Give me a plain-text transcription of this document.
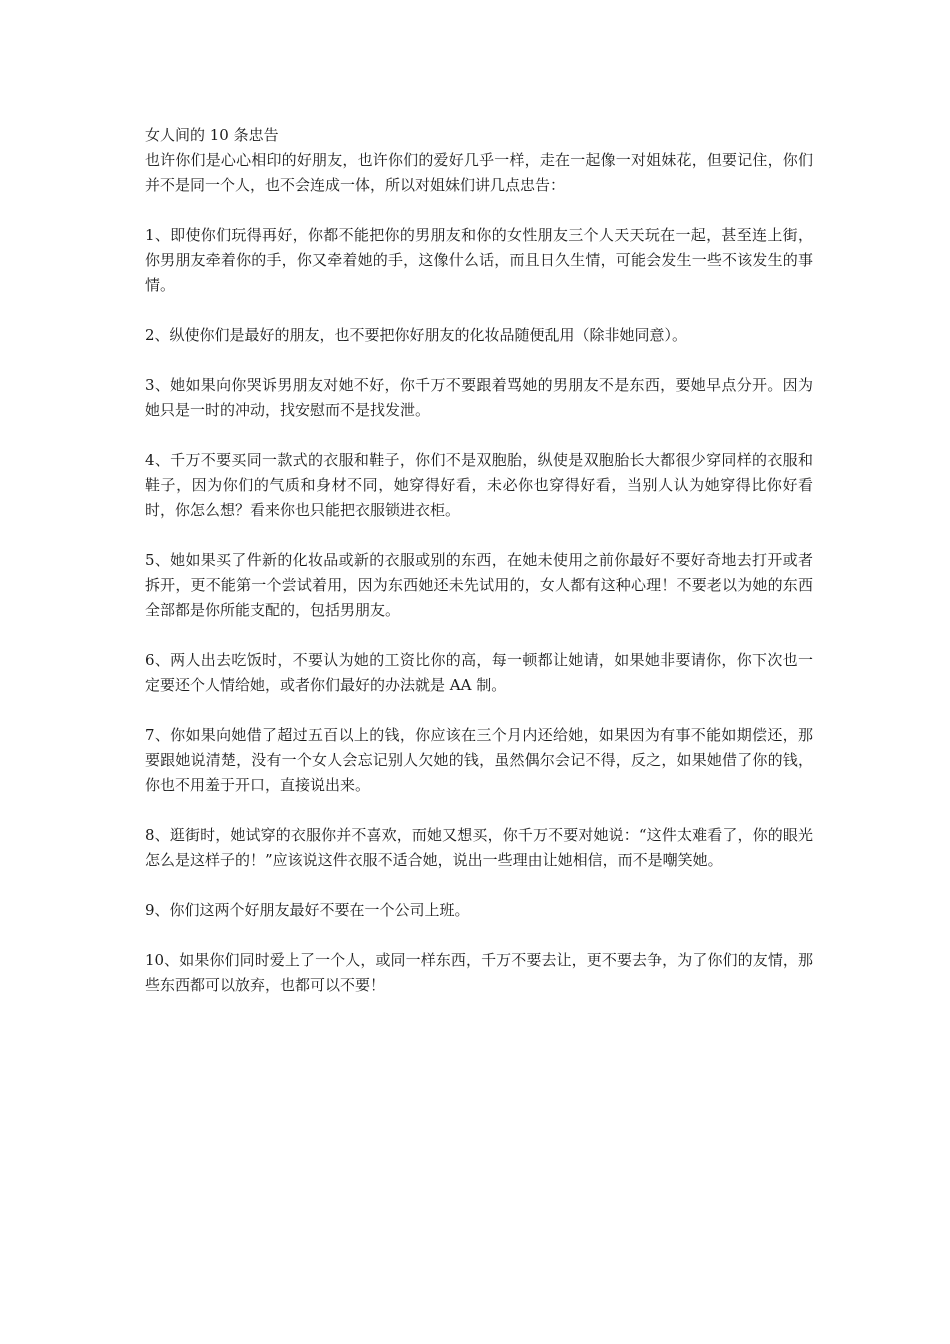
女人间的 10 条忠告

也许你们是心心相印的好朋友，也许你们的爱好几乎一样，走在一起像一对姐妹花，但要记住，你们并不是同一个人，也不会连成一体，所以对姐妹们讲几点忠告：

1、即使你们玩得再好，你都不能把你的男朋友和你的女性朋友三个人天天玩在一起，甚至连上街，你男朋友牵着你的手，你又牵着她的手，这像什么话，而且日久生情，可能会发生一些不该发生的事情。

2、纵使你们是最好的朋友，也不要把你好朋友的化妆品随便乱用（除非她同意）。

3、她如果向你哭诉男朋友对她不好，你千万不要跟着骂她的男朋友不是东西，要她早点分开。因为她只是一时的冲动，找安慰而不是找发泄。

4、千万不要买同一款式的衣服和鞋子，你们不是双胞胎，纵使是双胞胎长大都很少穿同样的衣服和鞋子，因为你们的气质和身材不同，她穿得好看，未必你也穿得好看，当别人认为她穿得比你好看时，你怎么想？看来你也只能把衣服锁进衣柜。

5、她如果买了件新的化妆品或新的衣服或别的东西，在她未使用之前你最好不要好奇地去打开或者拆开，更不能第一个尝试着用，因为东西她还未先试用的，女人都有这种心理！不要老以为她的东西全部都是你所能支配的，包括男朋友。

6、两人出去吃饭时，不要认为她的工资比你的高，每一顿都让她请，如果她非要请你，你下次也一定要还个人情给她，或者你们最好的办法就是 AA 制。

7、你如果向她借了超过五百以上的钱，你应该在三个月内还给她，如果因为有事不能如期偿还，那要跟她说清楚，没有一个女人会忘记别人欠她的钱，虽然偶尔会记不得，反之，如果她借了你的钱，你也不用羞于开口，直接说出来。

8、逛街时，她试穿的衣服你并不喜欢，而她又想买，你千万不要对她说：“这件太难看了，你的眼光怎么是这样子的！”应该说这件衣服不适合她，说出一些理由让她相信，而不是嘲笑她。

9、你们这两个好朋友最好不要在一个公司上班。

10、如果你们同时爱上了一个人，或同一样东西，千万不要去让，更不要去争，为了你们的友情，那些东西都可以放弃，也都可以不要！
